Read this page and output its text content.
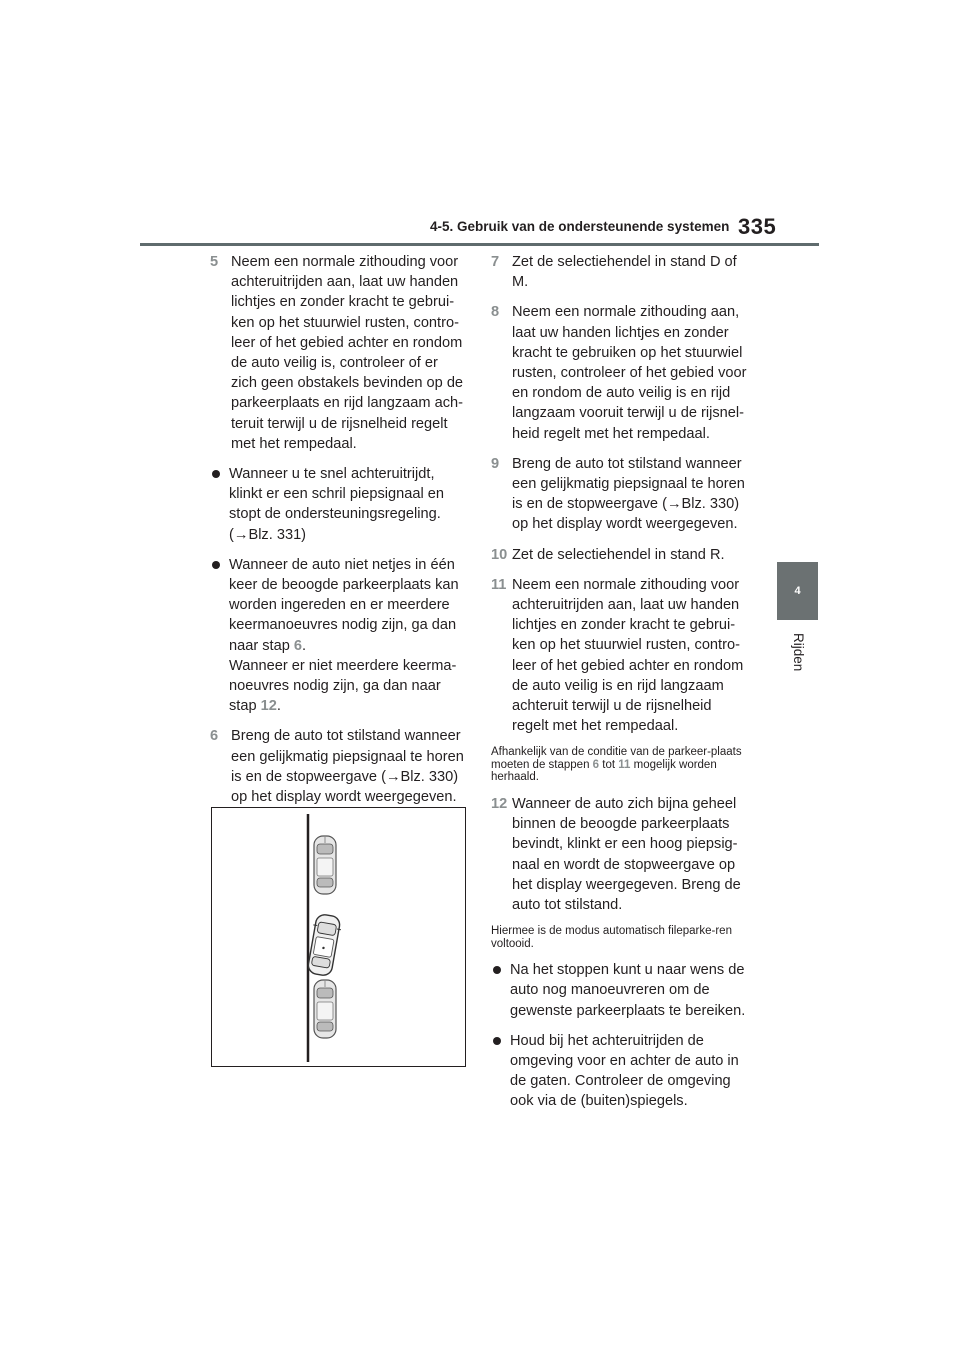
4-5. Gebruik van de ondersteunende systemen 335
4
Rijden
5 Neem een normale zithouding voor achteruitrijden aan, laat uw handen lichtjes en zonder kracht te gebrui-ken op het stuurwiel rusten, contro-leer of het gebied achter en rondom de auto veilig is, controleer of er zich geen obstakels bevinden op de parkeerplaats en rijd langzaam ach-teruit terwijl u de rijsnelheid regelt met het rempedaal.
Wanneer u te snel achteruitrijdt, klinkt er een schril piepsignaal en stopt de ondersteuningsregeling. (→Blz. 331)
Wanneer de auto niet netjes in één keer de beoogde parkeerplaats kan worden ingereden en er meerdere keermanoeuvres nodig zijn, ga dan naar stap 6.
Wanneer er niet meerdere keerma-noeuvres nodig zijn, ga dan naar stap 12.
6 Breng de auto tot stilstand wanneer een gelijkmatig piepsignaal te horen is en de stopweergave (→Blz. 330) op het display wordt weergegeven.
7 Zet de selectiehendel in stand D of M.
8 Neem een normale zithouding aan, laat uw handen lichtjes en zonder kracht te gebruiken op het stuurwiel rusten, controleer of het gebied voor en rondom de auto veilig is en rijd langzaam vooruit terwijl u de rijsnel-heid regelt met het rempedaal.
9 Breng de auto tot stilstand wanneer een gelijkmatig piepsignaal te horen is en de stopweergave (→Blz. 330) op het display wordt weergegeven.
10 Zet de selectiehendel in stand R.
11 Neem een normale zithouding voor achteruitrijden aan, laat uw handen lichtjes en zonder kracht te gebrui-ken op het stuurwiel rusten, contro-leer of het gebied achter en rondom de auto veilig is en rijd langzaam achteruit terwijl u de rijsnelheid regelt met het rempedaal.
Afhankelijk van de conditie van de parkeer-plaats moeten de stappen 6 tot 11 mogelijk worden herhaald.
12 Wanneer de auto zich bijna geheel binnen de beoogde parkeerplaats bevindt, klinkt er een hoog piepsig-naal en wordt de stopweergave op het display weergegeven. Breng de auto tot stilstand.
Hiermee is de modus automatisch fileparke-ren voltooid.
Na het stoppen kunt u naar wens de auto nog manoeuvreren om de gewenste parkeerplaats te bereiken.
Houd bij het achteruitrijden de omgeving voor en achter de auto in de gaten. Controleer de omgeving ook via de (buiten)spiegels.
